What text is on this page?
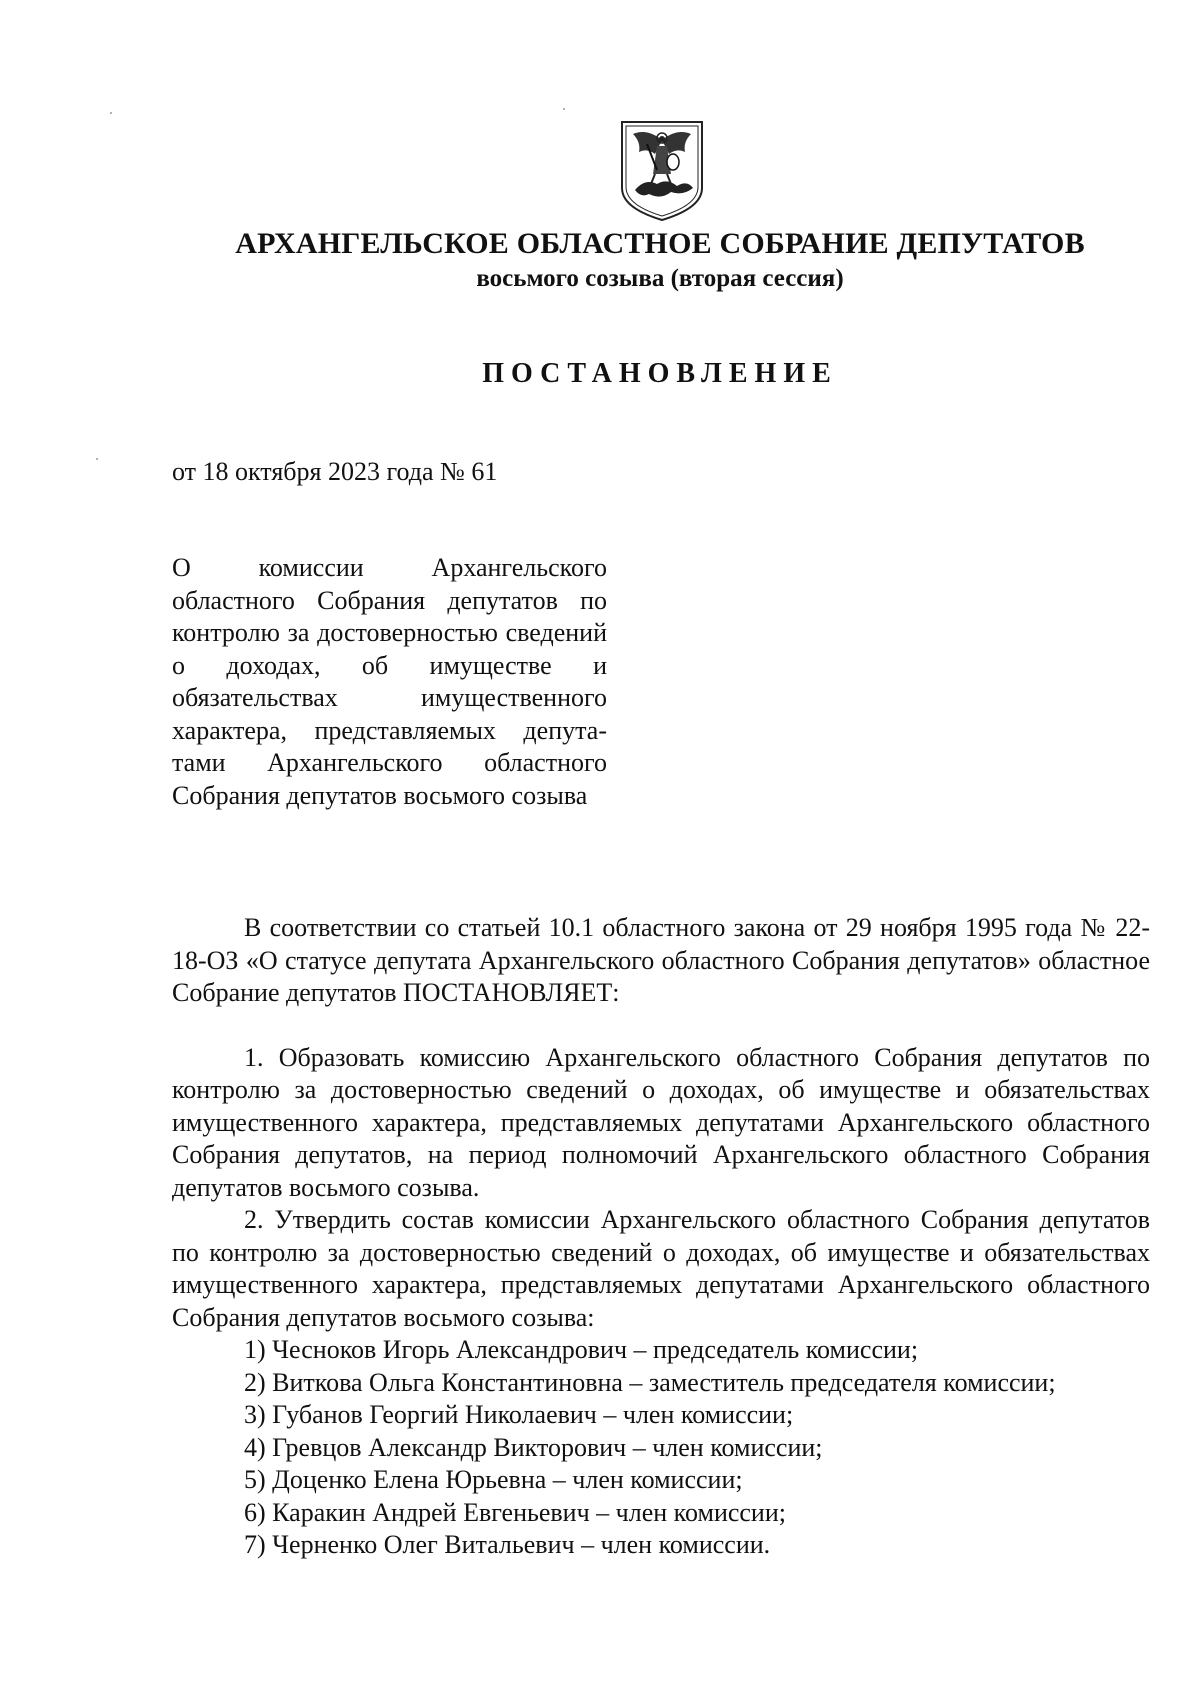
АРХАНГЕЛЬСКОЕ ОБЛАСТНОЕ СОБРАНИЕ ДЕПУТАТОВ
восьмого созыва (вторая сессия)
ПОСТАНОВЛЕНИЕ
от 18 октября 2023 года № 61
О комиссии Архангельского областного Собрания депутатов по контролю за достоверностью сведений о доходах, об имуществе и обязательствах имущественного характера, представляемых депута-тами Архангельского областного Собрания депутатов восьмого созыва

В соответствии со статьей 10.1 областного закона от 29 ноября 1995 года № 22-18-ОЗ «О статусе депутата Архангельского областного Собрания депутатов» областное Собрание депутатов ПОСТАНОВЛЯЕТ:

1. Образовать комиссию Архангельского областного Собрания депутатов по контролю за достоверностью сведений о доходах, об имуществе и обязательствах имущественного характера, представляемых депутатами Архангельского областного Собрания депутатов, на период полномочий Архангельского областного Собрания депутатов восьмого созыва.

2. Утвердить состав комиссии Архангельского областного Собрания депутатов по контролю за достоверностью сведений о доходах, об имуществе и обязательствах имущественного характера, представляемых депутатами Архангельского областного Собрания депутатов восьмого созыва:

1) Чесноков Игорь Александрович – председатель комиссии;
2) Виткова Ольга Константиновна – заместитель председателя комиссии;
3) Губанов Георгий Николаевич – член комиссии;
4) Гревцов Александр Викторович – член комиссии;
5) Доценко Елена Юрьевна – член комиссии;
6) Каракин Андрей Евгеньевич – член комиссии;
7) Черненко Олег Витальевич – член комиссии.
